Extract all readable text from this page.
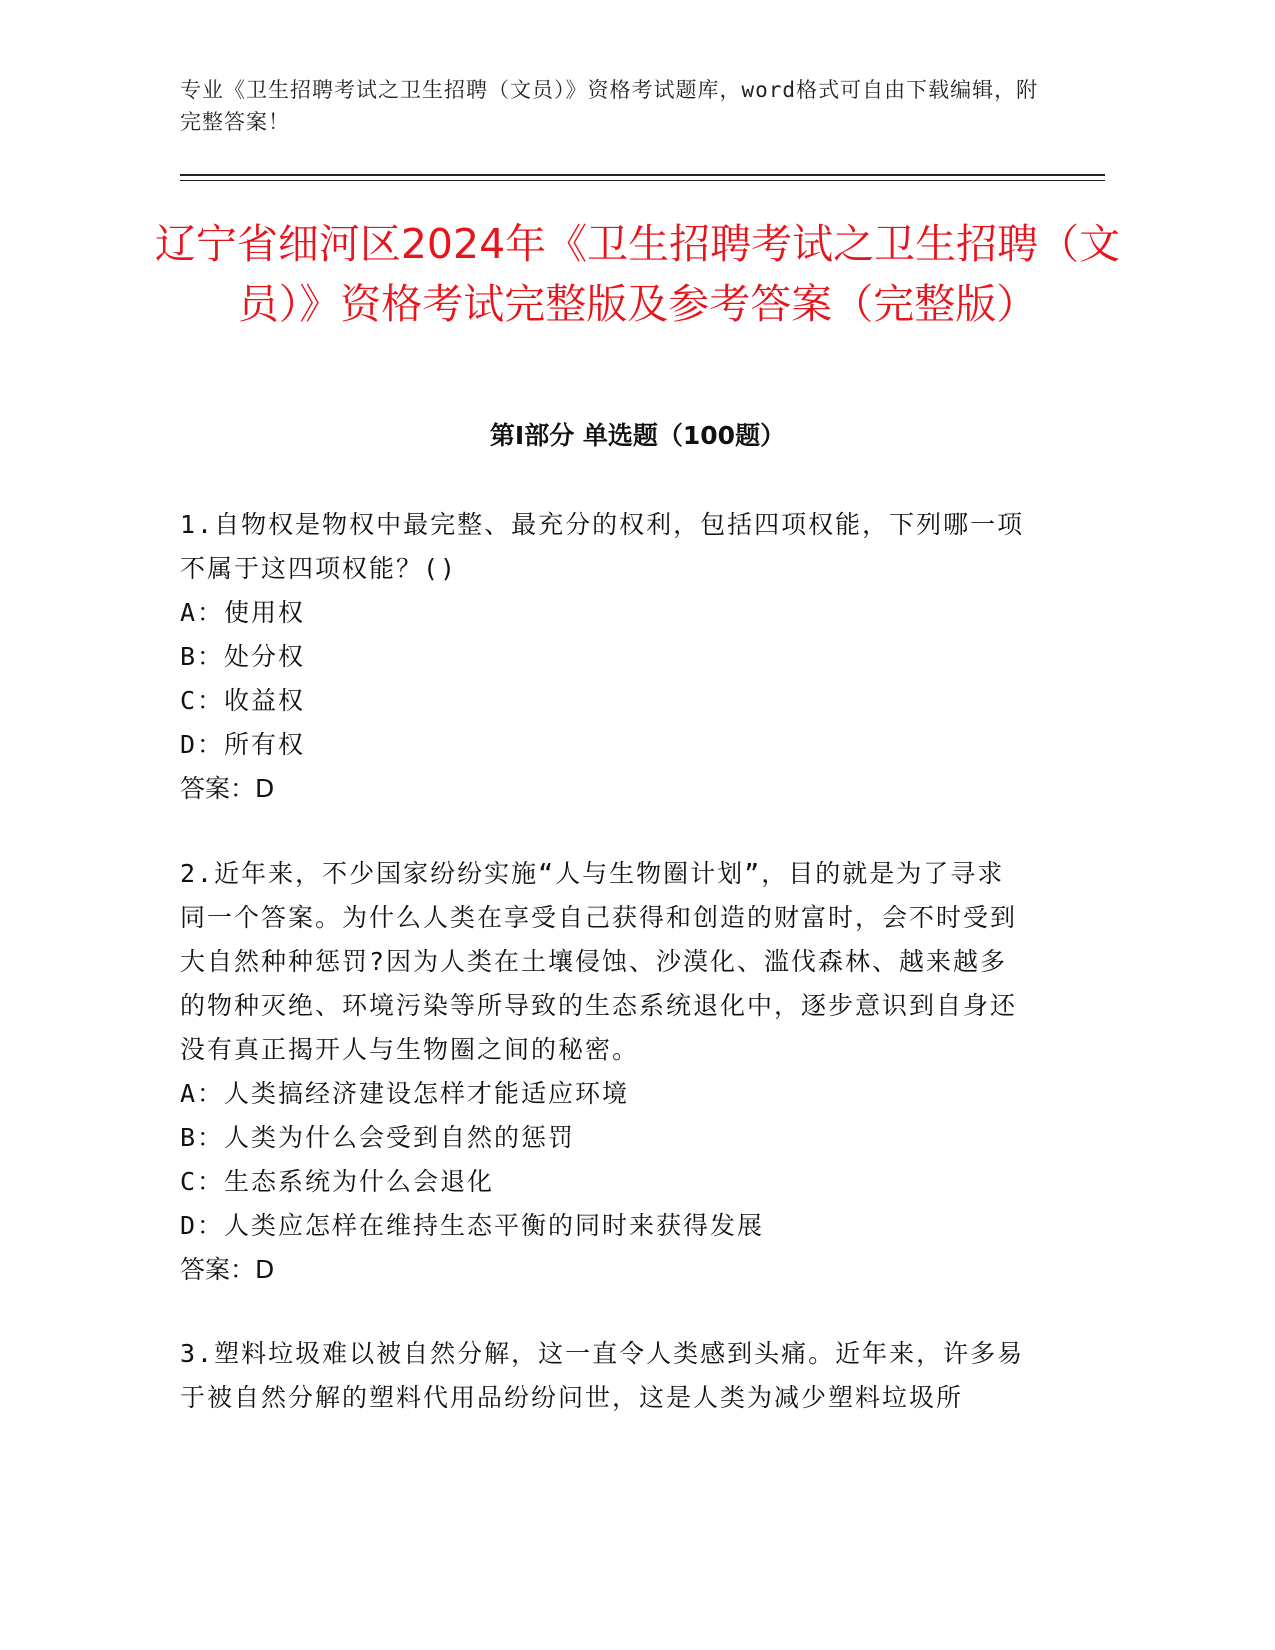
专业《卫生招聘考试之卫生招聘（文员）》资格考试题库，word格式可自由下载编辑，附完整答案！
辽宁省细河区2024年《卫生招聘考试之卫生招聘（文员）》资格考试完整版及参考答案（完整版）
第I部分 单选题（100题）

1.自物权是物权中最完整、最充分的权利，包括四项权能，下列哪一项不属于这四项权能？()

A：使用权

B：处分权

C：收益权

D：所有权

答案：D

2.近年来，不少国家纷纷实施“人与生物圈计划”，目的就是为了寻求同一个答案。为什么人类在享受自己获得和创造的财富时，会不时受到大自然种种惩罚?因为人类在土壤侵蚀、沙漠化、滥伐森林、越来越多的物种灭绝、环境污染等所导致的生态系统退化中，逐步意识到自身还没有真正揭开人与生物圈之间的秘密。

A：人类搞经济建设怎样才能适应环境

B：人类为什么会受到自然的惩罚

C：生态系统为什么会退化

D：人类应怎样在维持生态平衡的同时来获得发展

答案：D

3.塑料垃圾难以被自然分解，这一直令人类感到头痛。近年来，许多易于被自然分解的塑料代用品纷纷问世，这是人类为减少塑料垃圾所
